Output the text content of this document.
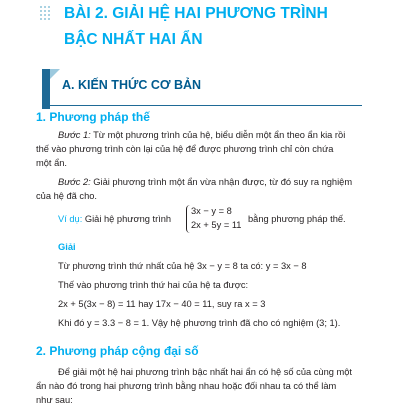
BÀI 2. GIẢI HỆ HAI PHƯƠNG TRÌNH
BẬC NHẤT HAI ẨN
A. KIẾN THỨC CƠ BẢN
1. Phương pháp thế

Bước 1: Từ một phương trình của hệ, biểu diễn một ẩn theo ẩn kia rồi

thế vào phương trình còn lại của hệ để được phương trình chỉ còn chứa

một ẩn.

Bước 2: Giải phương trình một ẩn vừa nhận được, từ đó suy ra nghiệm

của hệ đã cho.

Ví dụ: Giải hệ phương trình

3x − y = 8
2x + 5y = 11

bằng phương pháp thế.

Giải

Từ phương trình thứ nhất của hệ 3x − y = 8 ta có: y = 3x − 8

Thế vào phương trình thứ hai của hệ ta được:

2x + 5(3x − 8) = 11 hay 17x − 40 = 11, suy ra x = 3

Khi đó y = 3.3 − 8 = 1. Vậy hệ phương trình đã cho có nghiệm (3; 1).

2. Phương pháp cộng đại số

Để giải một hệ hai phương trình bậc nhất hai ẩn có hệ số của cùng một

ẩn nào đó trong hai phương trình bằng nhau hoặc đối nhau ta có thể làm

như sau:
